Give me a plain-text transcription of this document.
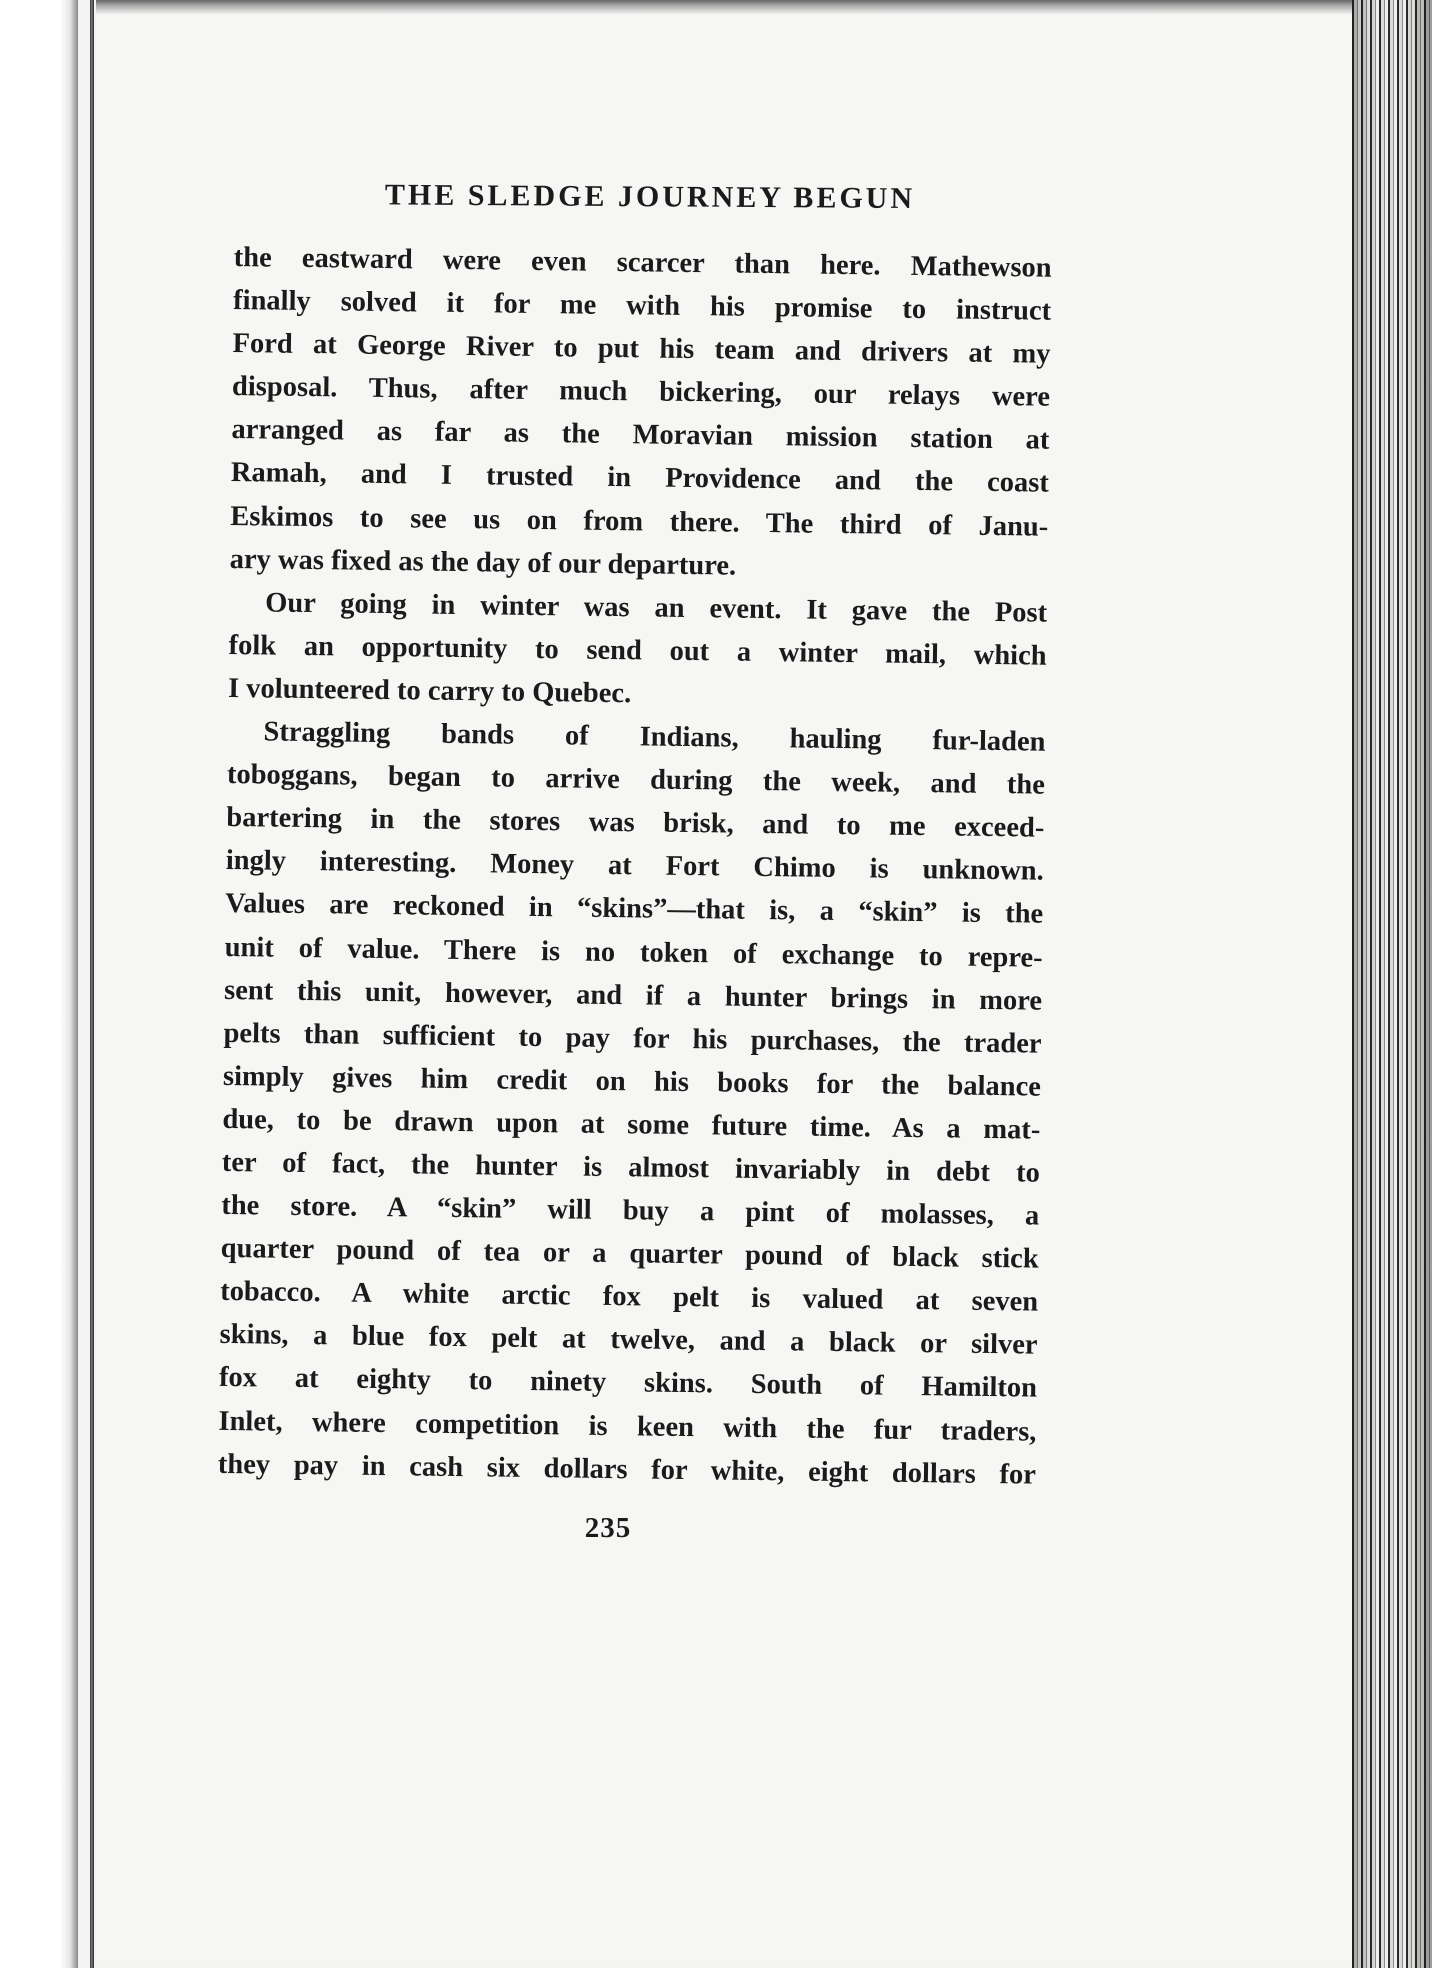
THE SLEDGE JOURNEY BEGUN
the eastward were even scarcer than here. Mathewson
finally solved it for me with his promise to instruct
Ford at George River to put his team and drivers at my
disposal. Thus, after much bickering, our relays were
arranged as far as the Moravian mission station at
Ramah, and I trusted in Providence and the coast
Eskimos to see us on from there. The third of Janu-
ary was fixed as the day of our departure.
Our going in winter was an event. It gave the Post
folk an opportunity to send out a winter mail, which
I volunteered to carry to Quebec.
Straggling bands of Indians, hauling fur-laden
toboggans, began to arrive during the week, and the
bartering in the stores was brisk, and to me exceed-
ingly interesting. Money at Fort Chimo is unknown.
Values are reckoned in “skins”—that is, a “skin” is the
unit of value. There is no token of exchange to repre-
sent this unit, however, and if a hunter brings in more
pelts than sufficient to pay for his purchases, the trader
simply gives him credit on his books for the balance
due, to be drawn upon at some future time. As a mat-
ter of fact, the hunter is almost invariably in debt to
the store. A “skin” will buy a pint of molasses, a
quarter pound of tea or a quarter pound of black stick
tobacco. A white arctic fox pelt is valued at seven
skins, a blue fox pelt at twelve, and a black or silver
fox at eighty to ninety skins. South of Hamilton
Inlet, where competition is keen with the fur traders,
they pay in cash six dollars for white, eight dollars for
235
